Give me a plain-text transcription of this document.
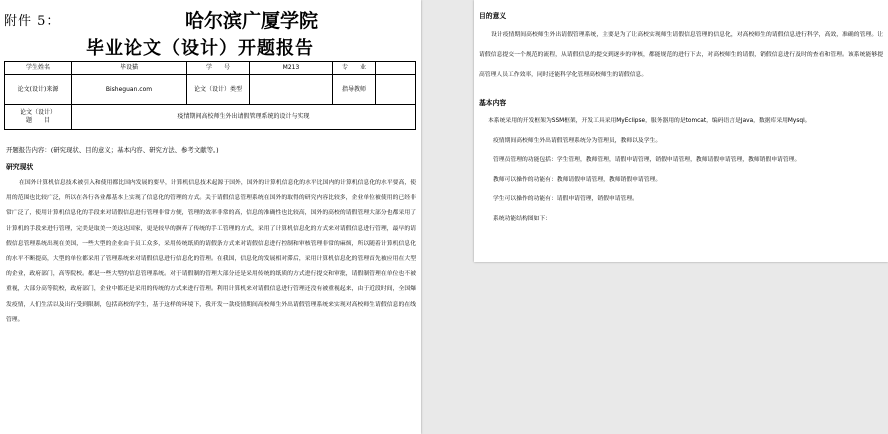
附件 5：	哈尔滨广厦学院
毕业论文（设计）开题报告
学生姓名	毕设猫	学　　号	M213	专　　业	
论文(设计)来源	Bisheguan.com	论文（设计）类型		指导教师	
论文（设计）
题　　目	疫情期间高校师生外出请假管理系统的设计与实现				

开题报告内容：(研究现状、目的意义；基本内容、研究方法、参考文献等。)

研究现状

在国外计算机信息技术被引入和使用都比国内发展的要早，计算机信息技术起源于国外，国外的计算机信息化的水平比国内的计算机信息化的水平要高，使用的范围也比较广泛，所以在各行各业都基本上实现了信息化的管理的方式。关于请假信息管理系统在国外的取得的研究内容比较多，企业单位被使用的已经非常广泛了，使用计算机信息化的手段来对请假信息进行管理非常方便，管理的效率非常的高，信息的准确性也比较高，国外的高校的请假管理大部分也都采用了计算机的手段来进行管理，完美是取美一美这达国家，更是较早的摒弃了传统的手工管理的方式，采用了计算机信息化的方式来对请假信息进行管理，最早的请假信息管理系统出现在美国，一些大型的企业由于员工众多，采用传统纸质的请假条方式来对请假信息进行控制和审核管理非常的麻烦，所以随着计算机信息化的水平不断提高，大型的单位都采用了管理系统来对请假信息进行信息化的管理。在我国，信息化的发展相对滞后，采用计算机信息化的管理首先被应用在大型的企业，政府部门，高等院校。都是一些大型的信息管理系统。对于请假制的管理大部分还是采用传统的纸质的方式进行提交和审批，请假制管理在单位也不被重视，大部分高等院校，政府部门，企业中都还是采用的传统的方式来进行管理。利用计算机来对请假信息进行管理还没有被重视起来，由于近段时间，全国爆发疫情，人们生活以及出行受到限制，包括高校的学生，基于这样的环境下，我开发一款疫情期间高校师生外出请假管理系统来实现对高校师生请假信息的在线管理。

目的意义

设计疫情期间高校师生外出请假管理系统，主要是为了让高校实现师生请假信息管理的信息化，对高校师生的请假信息进行科学，高效，准确的管理。让请假信息提交一个规范的流程，从请假信息的提交到逐步的审核，都能规范的进行下去，对高校师生的请假，销假信息进行及时的查看和管理。该系统能够提高管理人员工作效率，同时还能科学化管理高校师生的请假信息。

基本内容

本系统采用的开发框架为SSM框架，开发工具采用MyEclipse，服务器用的是tomcat，编码语言是Java，数据库采用Mysql。

疫情期间高校师生外出请假管理系统分为管理员，教师以及学生。

管理员管理的功能包括：学生管理，教师管理，请假申请管理，销假申请管理，教师请假申请管理，教师销假申请管理。

教师可以操作的功能有：教师请假申请管理，教师销假申请管理。

学生可以操作的功能有：请假申请管理，销假申请管理。

系统功能结构图如下：
